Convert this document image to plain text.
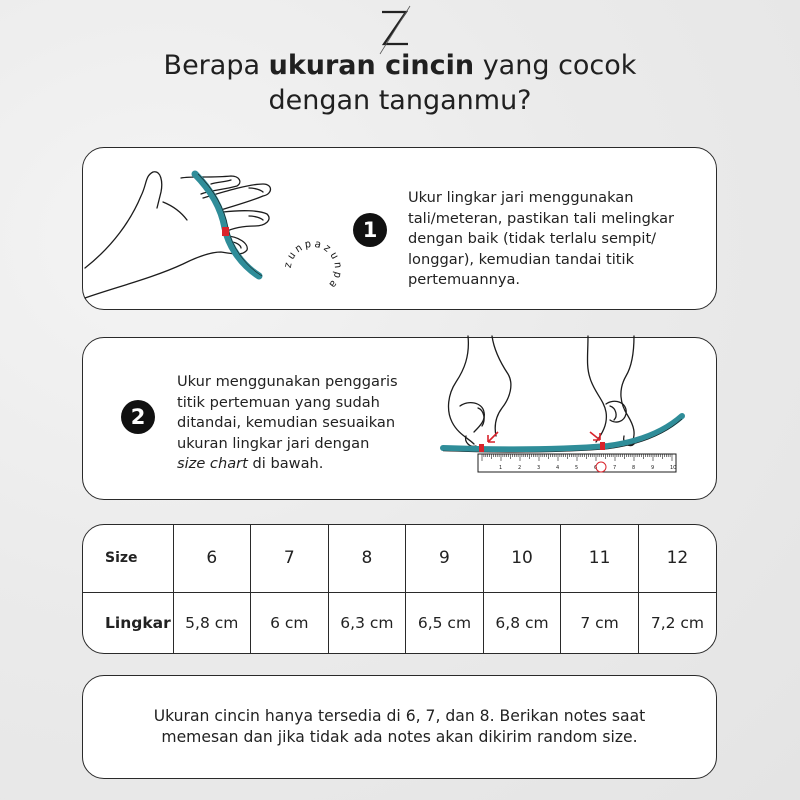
Berapa ukuran cincin yang cocok
dengan tanganmu?
zunpazunpa
1
Ukur lingkar jari menggunakan
tali/meteran, pastikan tali melingkar
dengan baik (tidak terlalu sempit/
longgar), kemudian tandai titik
pertemuannya.
2
Ukur menggunakan penggaris
titik pertemuan yang sudah
ditandai, kemudian sesuaikan
ukuran lingkar jari dengan
size chart di bawah.	1	2	3	4	5	6	7	8	9	10
Size	6	7	8	9	10	11	12
Lingkar	5,8 cm	6 cm	6,3 cm	6,5 cm	6,8 cm	7 cm	7,2 cm
Ukuran cincin hanya tersedia di 6, 7, dan 8. Berikan notes saat
memesan dan jika tidak ada notes akan dikirim random size.
